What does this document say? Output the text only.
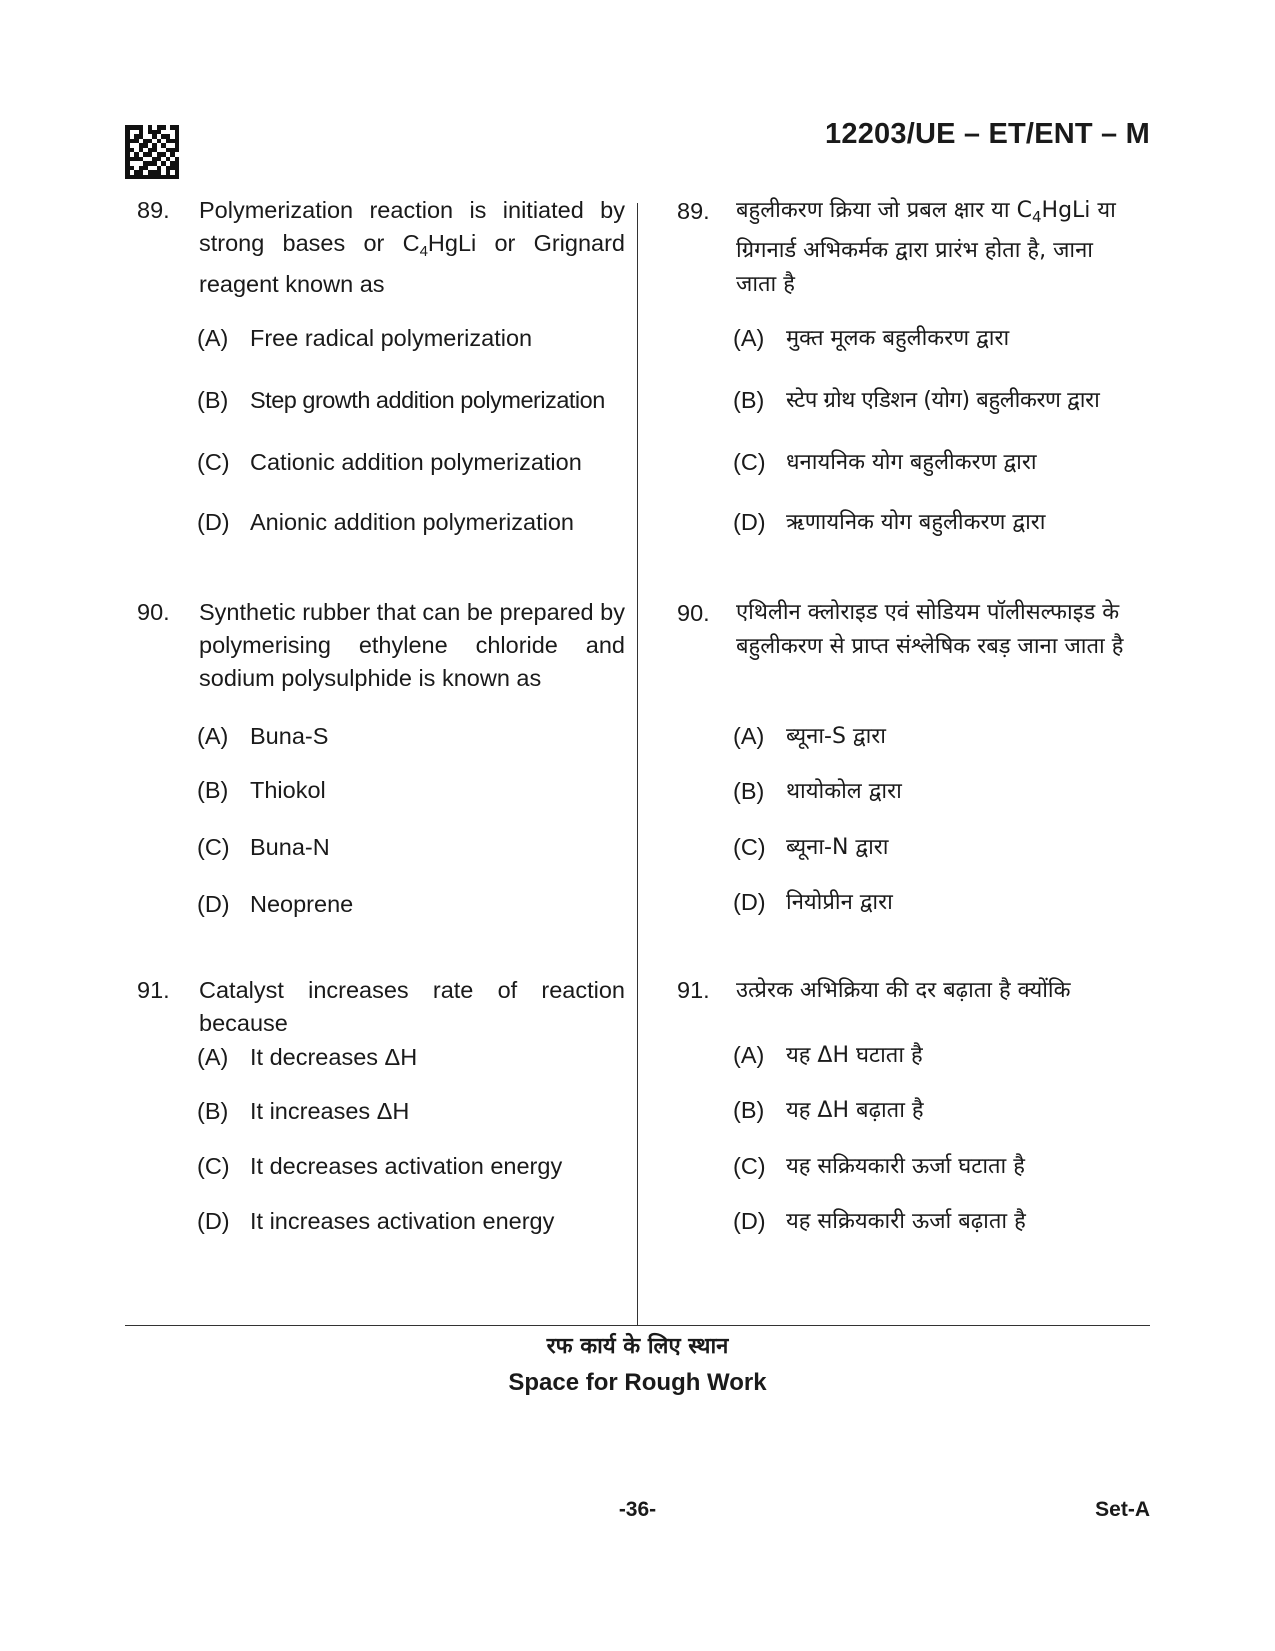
12203/UE – ET/ENT – M
89. Polymerization reaction is initiated by strong bases or $C_4HgLi$ or Grignard reagent known as
(A) Free radical polymerization
(B) Step growth addition polymerization
(C) Cationic addition polymerization
(D) Anionic addition polymerization
90. Synthetic rubber that can be prepared by polymerising ethylene chloride and sodium polysulphide is known as
(A) Buna-S
(B) Thiokol
(C) Buna-N
(D) Neoprene
91. Catalyst increases rate of reaction because
(A) It decreases ΔH
(B) It increases ΔH
(C) It decreases activation energy
(D) It increases activation energy
89. बहुलीकरण क्रिया जो प्रबल क्षार या $C_4HgLi$ या ग्रिगनार्ड अभिकर्मक द्वारा प्रारंभ होता है, जाना जाता है
(A) मुक्त मूलक बहुलीकरण द्वारा
(B) स्टेप ग्रोथ एडिशन (योग) बहुलीकरण द्वारा
(C) धनायनिक योग बहुलीकरण द्वारा
(D) ऋणायनिक योग बहुलीकरण द्वारा
90. एथिलीन क्लोराइड एवं सोडियम पॉलीसल्फाइड के बहुलीकरण से प्राप्त संश्लेषिक रबड़ जाना जाता है
(A) ब्यूना-S द्वारा
(B) थायोकोल द्वारा
(C) ब्यूना-N द्वारा
(D) नियोप्रीन द्वारा
91. उत्प्रेरक अभिक्रिया की दर बढ़ाता है क्योंकि
(A) यह ΔH घटाता है
(B) यह ΔH बढ़ाता है
(C) यह सक्रियकारी ऊर्जा घटाता है
(D) यह सक्रियकारी ऊर्जा बढ़ाता है
रफ कार्य के लिए स्थान
Space for Rough Work
-36-	Set-A
